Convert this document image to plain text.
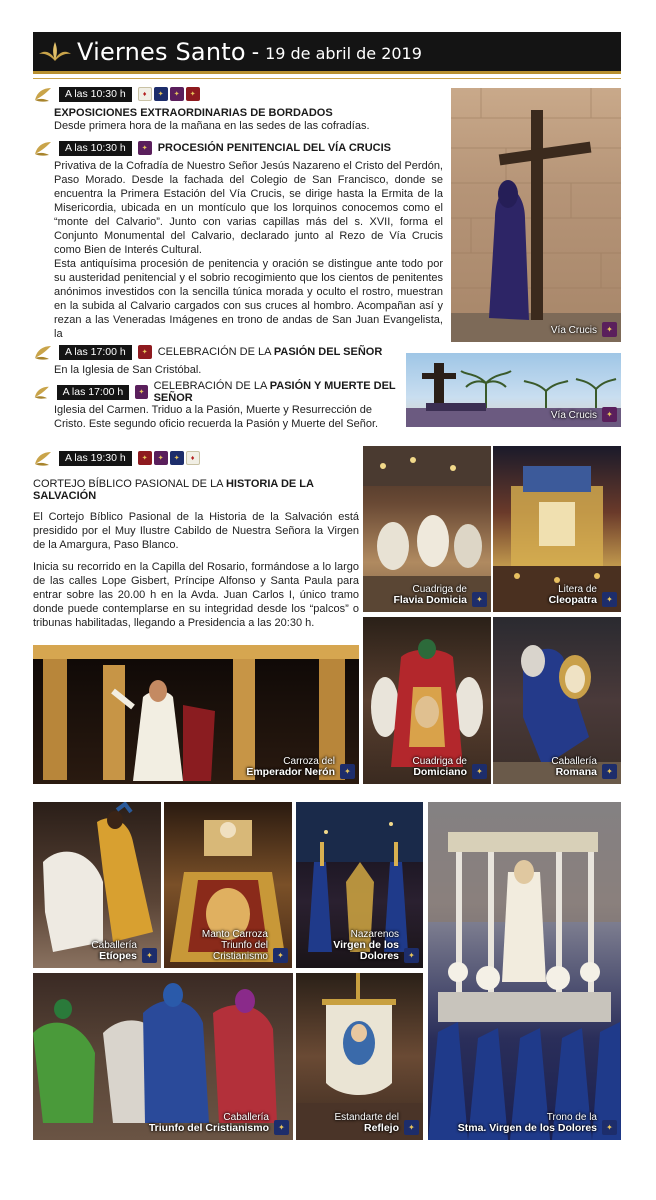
Viernes Santo - 19 de abril de 2019
A las 10:30 h	♦	✦	✦	✦
EXPOSICIONES EXTRAORDINARIAS DE BORDADOS
Desde primera hora de la mañana en las sedes de las cofradías.
A las 10:30 h	✦ PROCESIÓN PENITENCIAL DEL VÍA CRUCIS
Privativa de la Cofradía de Nuestro Señor Jesús Nazareno el Cristo del Perdón, Paso Morado. Desde la fachada del Colegio de San Francisco, donde se encuentra la Primera Estación del Vía Crucis, se dirige hasta la Ermita de la Misericordia, ubicada en un montículo que los lorquinos conocemos como el “monte del Calvario”. Junto con varias capillas más del s. XVII, forma el Conjunto Monumental del Calvario, declarado junto al Rezo de Vía Crucis como Bien de Interés Cultural.
Esta antiquísima procesión de penitencia y oración se distingue ante todo por su austeridad penitencial y el sobrio recogimiento que los cientos de penitentes anónimos investidos con la sencilla túnica morada y oculto el rostro, muestran en la subida al Calvario cargados con sus cruces al hombro. Acompañan así y rezan a las Veneradas Imágenes en trono de andas de San Juan Evangelista, la	Vía Crucis	✦
A las 17:00 h	✦ CELEBRACIÓN DE LA PASIÓN DEL SEÑOR
En la Iglesia de San Cristóbal.
A las 17:00 h	✦
CELEBRACIÓN DE LA PASIÓN Y MUERTE DEL SEÑOR
Iglesia del Carmen. Triduo a la Pasión, Muerte y Resurrección de Cristo. Este segundo oficio recuerda la Pasión y Muerte del Señor.
Vía Crucis	✦
A las 19:30 h	✦	✦	✦	♦
CORTEJO BÍBLICO PASIONAL DE LA HISTORIA DE LA SALVACIÓN
El Cortejo Bíblico Pasional de la Historia de la Salvación está presidido por el Muy Ilustre Cabildo de Nuestra Señora la Virgen de la Amargura, Paso Blanco.
Inicia su recorrido en la Capilla del Rosario, formándose a lo largo de las calles Lope Gisbert, Príncipe Alfonso y Santa Paula para entrar sobre las 20.00 h en la Avda. Juan Carlos I, único tramo donde puede contemplarse en su integridad desde los “palcos” o tribunas habilitadas, llegando a Presidencia a las 20:30 h.
Cuadriga de
Flavia Domicia	✦
Litera de
Cleopatra	✦
Carroza del
Emperador Nerón	✦
Cuadriga de
Domiciano	✦
Caballería
Romana	✦
Caballería
Etíopes	✦
Manto Carroza
Triunfo del Cristianismo	✦
Nazarenos
Virgen de los Dolores	✦
Trono de la
Stma. Virgen de los Dolores	✦
Caballería
Triunfo del Cristianismo	✦
Estandarte del
Reflejo	✦
